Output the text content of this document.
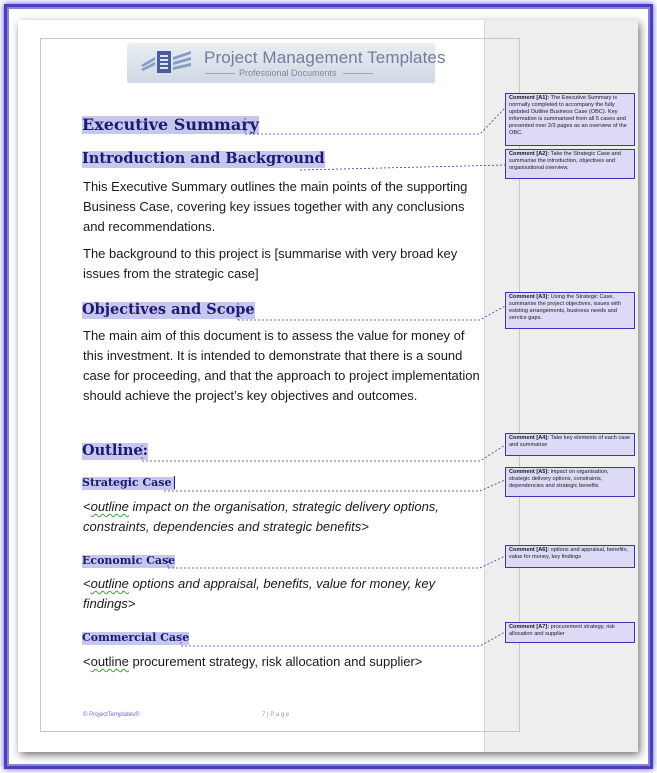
Project Management Templates
Professional Documents
Executive Summary
Introduction and Background
This Executive Summary outlines the main points of the supporting Business Case, covering key issues together with any conclusions and recommendations.
The background to this project is [summarise with very broad key issues from the strategic case]
Objectives and Scope
The main aim of this document is to assess the value for money of this investment. It is intended to demonstrate that there is a sound case for proceeding, and that the approach to project implementation should achieve the project’s key objectives and outcomes.
Outline:
Strategic Case
<outline impact on the organisation, strategic delivery options, constraints, dependencies and strategic benefits>
Economic Case
<outline options and appraisal, benefits, value for money, key findings>
Commercial Case
<outline procurement strategy, risk allocation and supplier>
Comment [A1]: The Executive Summary is normally completed to accompany the fully updated Outline Business Case (OBC). Key information is summarised from all 5 cases and presented over 2/3 pages as an overview of the OBC.
Comment [A2]: Take the Strategic Case and summarise the introduction, objectives and organisational overview.
Comment [A3]: Using the Strategic Case, summarise the project objectives, issues with existing arrangements, business needs and service gaps.
Comment [A4]: Take key elements of each case and summarise
Comment [A5]: impact on organisation, strategic delivery options, constraints, dependencies and strategic benefits
Comment [A6]: options and appraisal, benefits, value for money, key findings
Comment [A7]: procurement strategy, risk allocation and supplier
© ProjectTemplates®	7 | P a g e
